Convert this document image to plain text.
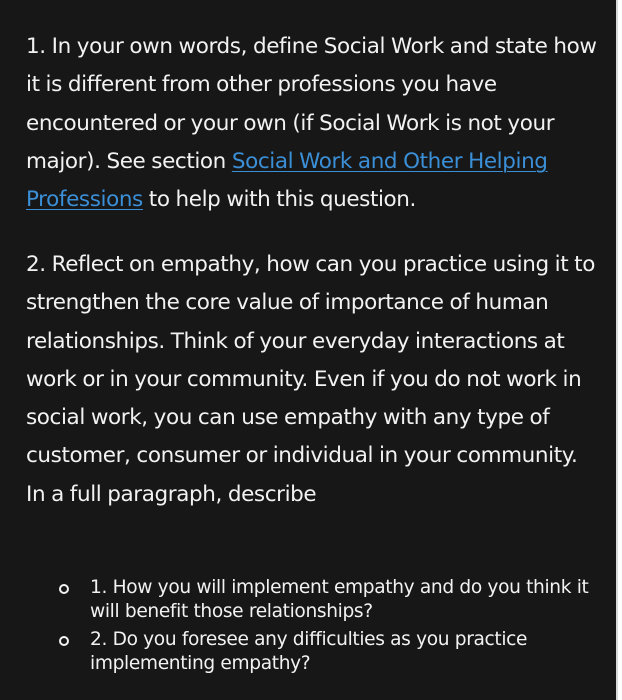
1. In your own words, define Social Work and state how it is different from other professions you have encountered or your own (if Social Work is not your major). See section Social Work and Other Helping Professions to help with this question.

2. Reflect on empathy, how can you practice using it to strengthen the core value of importance of human relationships. Think of your everyday interactions at work or in your community. Even if you do not work in social work, you can use empathy with any type of customer, consumer or individual in your community. In a full paragraph, describe

1. How you will implement empathy and do you think it will benefit those relationships?
2. Do you foresee any difficulties as you practice implementing empathy?
